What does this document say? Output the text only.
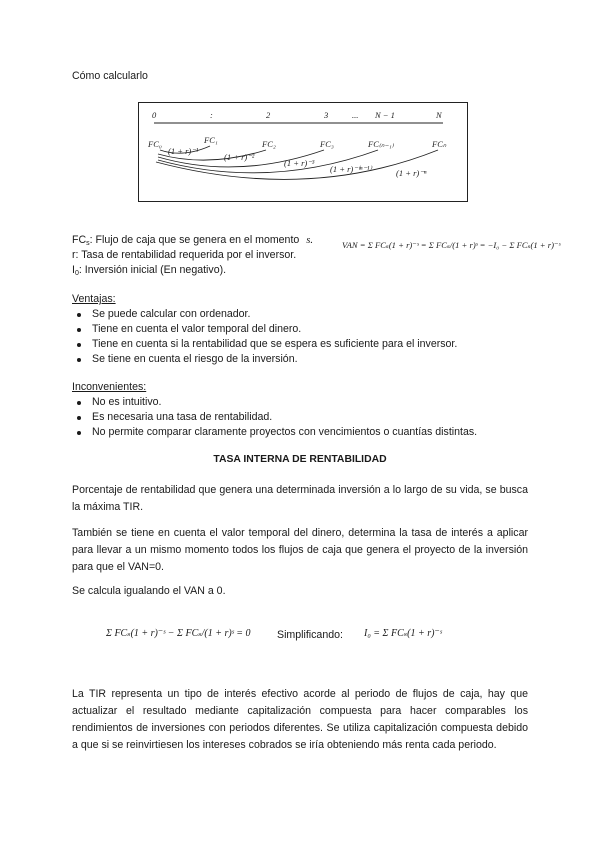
Cómo calcularlo
0	:	2	3	... N − 1	N
FC₀	FC₁	FC₂	FC₃	FC₍ₙ₋₁₎	FCₙ
(1 + r)⁻¹
(1 + r)⁻²
(1 + r)⁻³
(1 + r)⁻⁽ⁿ⁻¹⁾	(1 + r)⁻ⁿ
$FC_s$: Flujo de caja que se genera en el momento s.
r: Tasa de rentabilidad requerida por el inversor.
$I_0$: Inversión inicial (En negativo).
VAN = Σ FCₛ(1 + r)⁻ˢ = Σ FCₛ/(1 + r)ˢ = −I₀ − Σ FCₛ(1 + r)⁻ˢ
Ventajas:
Se puede calcular con ordenador.
Tiene en cuenta el valor temporal del dinero.
Tiene en cuenta si la rentabilidad que se espera es suficiente para el inversor.
Se tiene en cuenta el riesgo de la inversión.
Inconvenientes:
No es intuitivo.
Es necesaria una tasa de rentabilidad.
No permite comparar claramente proyectos con vencimientos o cuantías distintas.
TASA INTERNA DE RENTABILIDAD
Porcentaje de rentabilidad que genera una determinada inversión a lo largo de su vida, se busca la máxima TIR.
También se tiene en cuenta el valor temporal del dinero, determina la tasa de interés a aplicar para llevar a un mismo momento todos los flujos de caja que genera el proyecto de la inversión para que el VAN=0.
Se calcula igualando el VAN a 0.
Σ FCₛ(1 + r)⁻ˢ − Σ FCₛ/(1 + r)ˢ = 0 Simplificando: I₀ = Σ FCₛ(1 + r)⁻ˢ
La TIR representa un tipo de interés efectivo acorde al periodo de flujos de caja, hay que actualizar el resultado mediante capitalización compuesta para hacer comparables los rendimientos de inversiones con periodos diferentes. Se utiliza capitalización compuesta debido a que si se reinvirtiesen los intereses cobrados se iría obteniendo más renta cada periodo.
